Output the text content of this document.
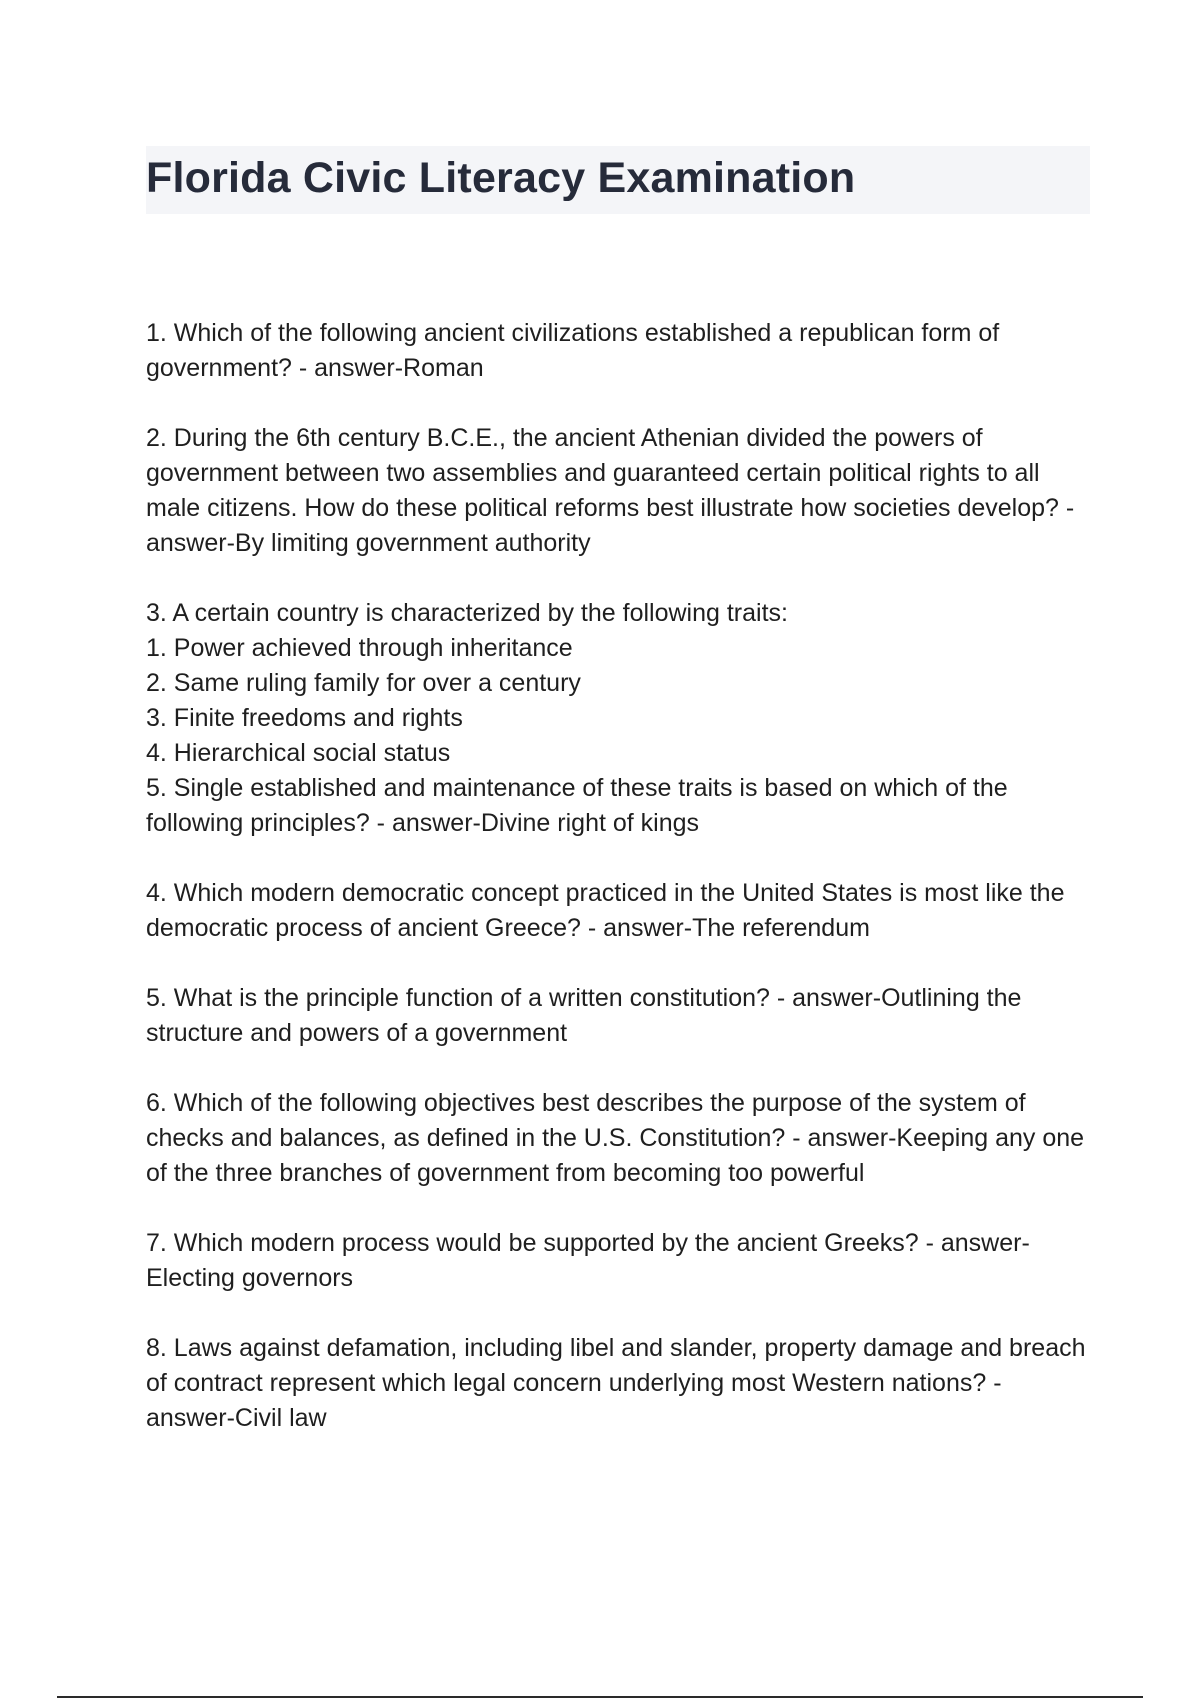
Florida Civic Literacy Examination

1. Which of the following ancient civilizations established a republican form of government? - answer-Roman

2. During the 6th century B.C.E., the ancient Athenian divided the powers of government between two assemblies and guaranteed certain political rights to all male citizens. How do these political reforms best illustrate how societies develop? - answer-By limiting government authority

3. A certain country is characterized by the following traits:

1. Power achieved through inheritance

2. Same ruling family for over a century

3. Finite freedoms and rights

4. Hierarchical social status

5. Single established and maintenance of these traits is based on which of the following principles? - answer-Divine right of kings

4. Which modern democratic concept practiced in the United States is most like the democratic process of ancient Greece? - answer-The referendum

5. What is the principle function of a written constitution? - answer-Outlining the structure and powers of a government

6. Which of the following objectives best describes the purpose of the system of checks and balances, as defined in the U.S. Constitution? - answer-Keeping any one of the three branches of government from becoming too powerful

7. Which modern process would be supported by the ancient Greeks? - answer-Electing governors

8. Laws against defamation, including libel and slander, property damage and breach of contract represent which legal concern underlying most Western nations? - answer-Civil law
